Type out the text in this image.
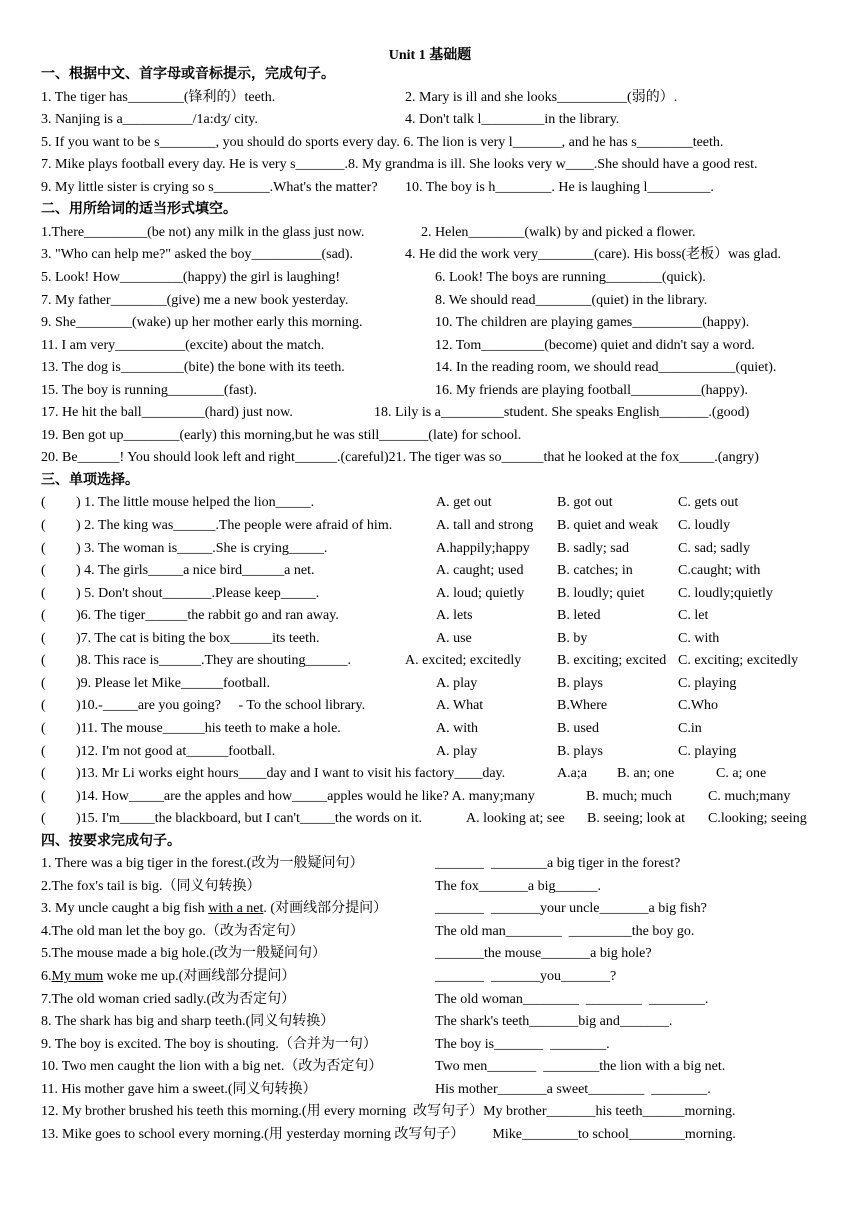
Unit 1 基础题
一、根据中文、首字母或音标提示，完成句子。
1. The tiger has________(锋利的）teeth.	2. Mary is ill and she looks__________(弱的）.
3. Nanjing is a__________/1a:dʒ/ city.	4. Don't talk l_________in the library.
5. If you want to be s________, you should do sports every day. 6. The lion is very l_______, and he has s________teeth.
7. Mike plays football every day. He is very s_______.8. My grandma is ill. She looks very w____.She should have a good rest.
9. My little sister is crying so s________.What's the matter? 10. The boy is h________. He is laughing l_________.
二、用所给词的适当形式填空。
1.There_________(be not) any milk in the glass just now.	2. Helen________(walk) by and picked a flower.
3. "Who can help me?" asked the boy__________(sad).	4. He did the work very________(care). His boss(老板）was glad.
5. Look! How_________(happy) the girl is laughing!	6. Look! The boys are running________(quick).
7. My father________(give) me a new book yesterday.	8. We should read________(quiet) in the library.
9. She________(wake) up her mother early this morning.	10. The children are playing games__________(happy).
11. I am very__________(excite) about the match.	12. Tom_________(become) quiet and didn't say a word.
13. The dog is_________(bite) the bone with its teeth.	14. In the reading room, we should read___________(quiet).
15. The boy is running________(fast).	16. My friends are playing football__________(happy).
17. He hit the ball_________(hard) just now.	18. Lily is a_________student. She speaks English_______.(good)
19. Ben got up________(early) this morning,but he was still_______(late) for school.
20. Be______! You should look left and right______.(careful)21. The tiger was so______that he looked at the fox_____.(angry)
三、单项选择。
( ) 1. The little mouse helped the lion_____.	A. get out	B. got out	C. gets out
( ) 2. The king was______.The people were afraid of him.	A. tall and strong B. quiet and weak C. loudly
( ) 3. The woman is_____.She is crying_____.	A.happily;happy B. sadly; sad	C. sad; sadly
( ) 4. The girls_____a nice bird______a net.	A. caught; used B. catches; in	C.caught; with
( ) 5. Don't shout_______.Please keep_____.	A. loud; quietly B. loudly; quiet C. loudly;quietly
( )6. The tiger______the rabbit go and ran away.	A. lets	B. leted	C. let
( )7. The cat is biting the box______its teeth.	A. use	B. by	C. with
( )8. This race is______.They are shouting______.	A. excited; excitedly	B. exciting; excited C. exciting; excitedly
( )9. Please let Mike______football.	A. play	B. plays	C. playing
( )10.-_____are you going?     - To the school library.	A. What	B.Where	C.Who
( )11. The mouse______his teeth to make a hole.	A. with	B. used	C.in
( )12. I'm not good at______football.	A. play	B. plays	C. playing
( )13. Mr Li works eight hours____day and I want to visit his factory____day.	A.a;a B. an; one	C. a; one
( )14. How_____are the apples and how_____apples would he like? A. many;many	B. much; much	C. much;many
( )15. I'm_____the blackboard, but I can't_____the words on it.	A. looking at; see B. seeing; look at C.looking; seeing
四、按要求完成句子。
1. There was a big tiger in the forest.(改为一般疑问句）	_______  ________a big tiger in the forest?
2.The fox's tail is big.（同义句转换）	The fox_______a big______.
3. My uncle caught a big fish with a net. (对画线部分提问）	_______  _______your uncle_______a big fish?
4.The old man let the boy go.（改为否定句）	The old man________  _________the boy go.
5.The mouse made a big hole.(改为一般疑问句）	_______the mouse_______a big hole?
6.My mum woke me up.(对画线部分提问）	_______  _______you_______?
7.The old woman cried sadly.(改为否定句）	The old woman________  ________  ________.
8. The shark has big and sharp teeth.(同义句转换）	The shark's teeth_______big and_______.
9. The boy is excited. The boy is shouting.（合并为一句）	The boy is_______  ________.
10. Two men caught the lion with a big net.（改为否定句）	Two men_______  ________the lion with a big net.
11. His mother gave him a sweet.(同义句转换）	His mother_______a sweet________  ________.
12. My brother brushed his teeth this morning.(用 every morning  改写句子）My brother_______his teeth______morning.
13. Mike goes to school every morning.(用 yesterday morning 改写句子）        Mike________to school________morning.
